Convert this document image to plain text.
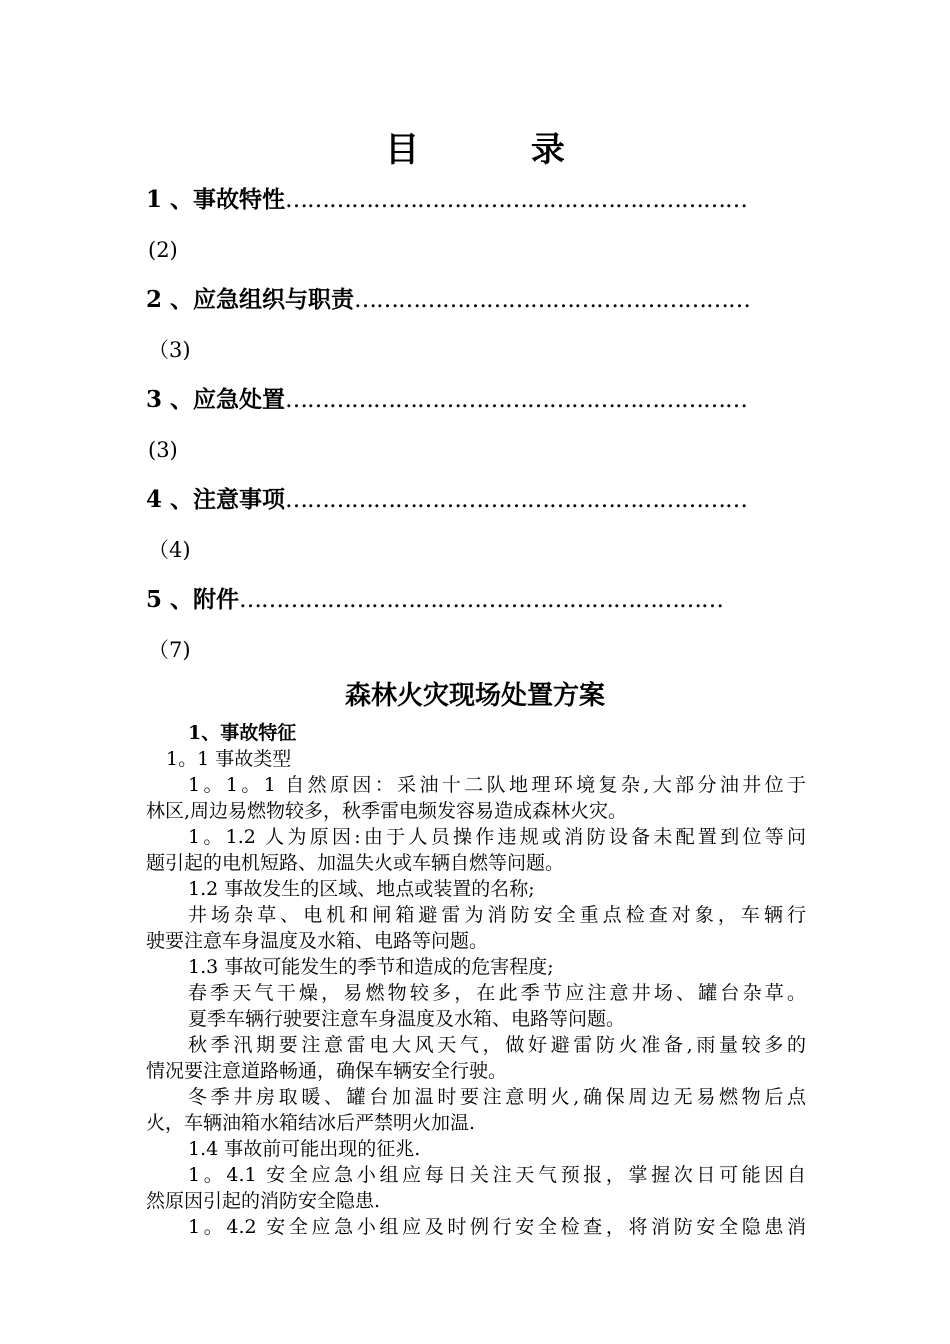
目 录
1 、事故特性………………………………………………………
(2)
2 、应急组织与职责………………………………………………
（3)
3 、应急处置………………………………………………………
(3)
4 、注意事项………………………………………………………
（4)
5 、附件…………………………………………………………
（7)
森林火灾现场处置方案
1、事故特征
1。1 事故类型
1。1。1 自然原因：采油十二队地理环境复杂,大部分油井位于
林区,周边易燃物较多，秋季雷电频发容易造成森林火灾。
1。1.2 人为原因:由于人员操作违规或消防设备未配置到位等问
题引起的电机短路、加温失火或车辆自燃等问题。
1.2 事故发生的区域、地点或装置的名称;
井场杂草、电机和闸箱避雷为消防安全重点检查对象，车辆行
驶要注意车身温度及水箱、电路等问题。
1.3 事故可能发生的季节和造成的危害程度;
春季天气干燥，易燃物较多，在此季节应注意井场、罐台杂草。
夏季车辆行驶要注意车身温度及水箱、电路等问题。
秋季汛期要注意雷电大风天气，做好避雷防火准备,雨量较多的
情况要注意道路畅通，确保车辆安全行驶。
冬季井房取暖、罐台加温时要注意明火,确保周边无易燃物后点
火，车辆油箱水箱结冰后严禁明火加温.
1.4 事故前可能出现的征兆.
1。4.1 安全应急小组应每日关注天气预报，掌握次日可能因自
然原因引起的消防安全隐患.
1。4.2 安全应急小组应及时例行安全检查，将消防安全隐患消
